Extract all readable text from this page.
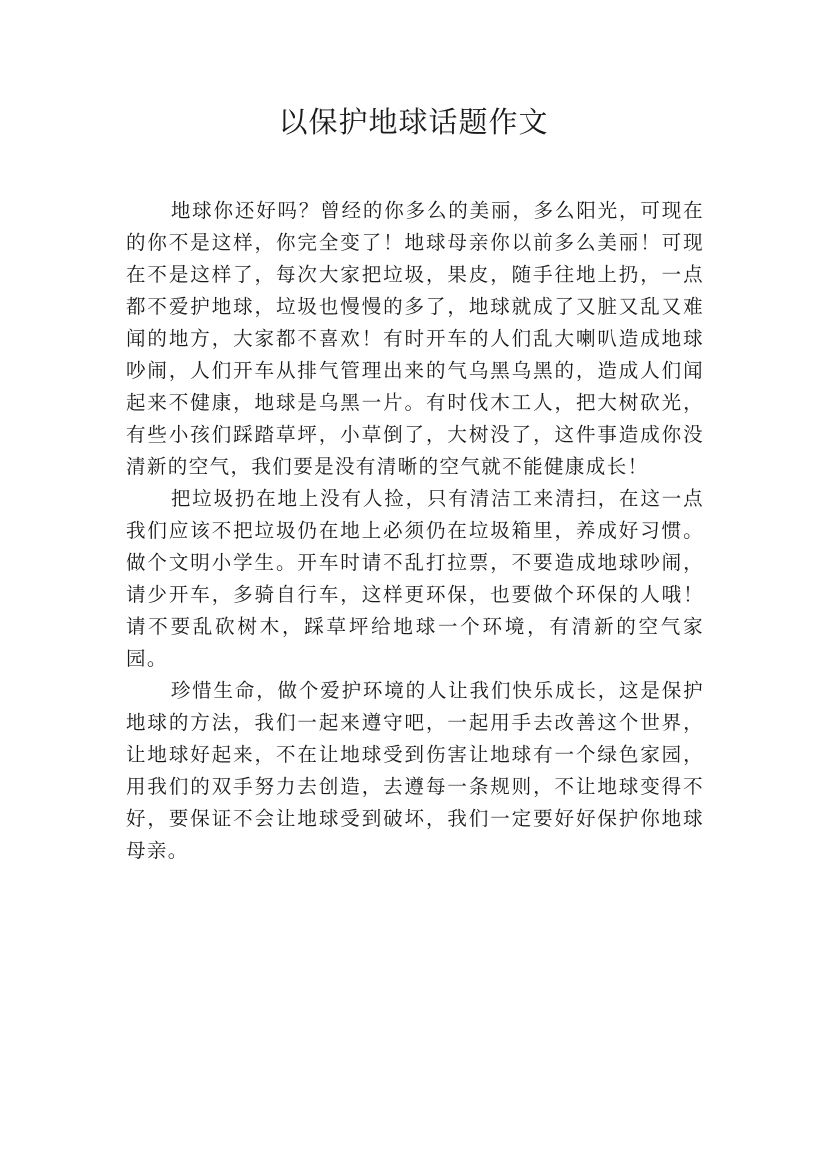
以保护地球话题作文

地球你还好吗？曾经的你多么的美丽，多么阳光，可现在的你不是这样，你完全变了！地球母亲你以前多么美丽！可现在不是这样了，每次大家把垃圾，果皮，随手往地上扔，一点都不爱护地球，垃圾也慢慢的多了，地球就成了又脏又乱又难闻的地方，大家都不喜欢！有时开车的人们乱大喇叭造成地球吵闹，人们开车从排气管理出来的气乌黑乌黑的，造成人们闻起来不健康，地球是乌黑一片。有时伐木工人，把大树砍光，有些小孩们踩踏草坪，小草倒了，大树没了，这件事造成你没清新的空气，我们要是没有清晰的空气就不能健康成长！

把垃圾扔在地上没有人捡，只有清洁工来清扫，在这一点我们应该不把垃圾仍在地上必须仍在垃圾箱里，养成好习惯。做个文明小学生。开车时请不乱打拉票，不要造成地球吵闹，请少开车，多骑自行车，这样更环保，也要做个环保的人哦！请不要乱砍树木，踩草坪给地球一个环境，有清新的空气家园。

珍惜生命，做个爱护环境的人让我们快乐成长，这是保护地球的方法，我们一起来遵守吧，一起用手去改善这个世界，让地球好起来，不在让地球受到伤害让地球有一个绿色家园，用我们的双手努力去创造，去遵每一条规则，不让地球变得不好，要保证不会让地球受到破坏，我们一定要好好保护你地球母亲。
